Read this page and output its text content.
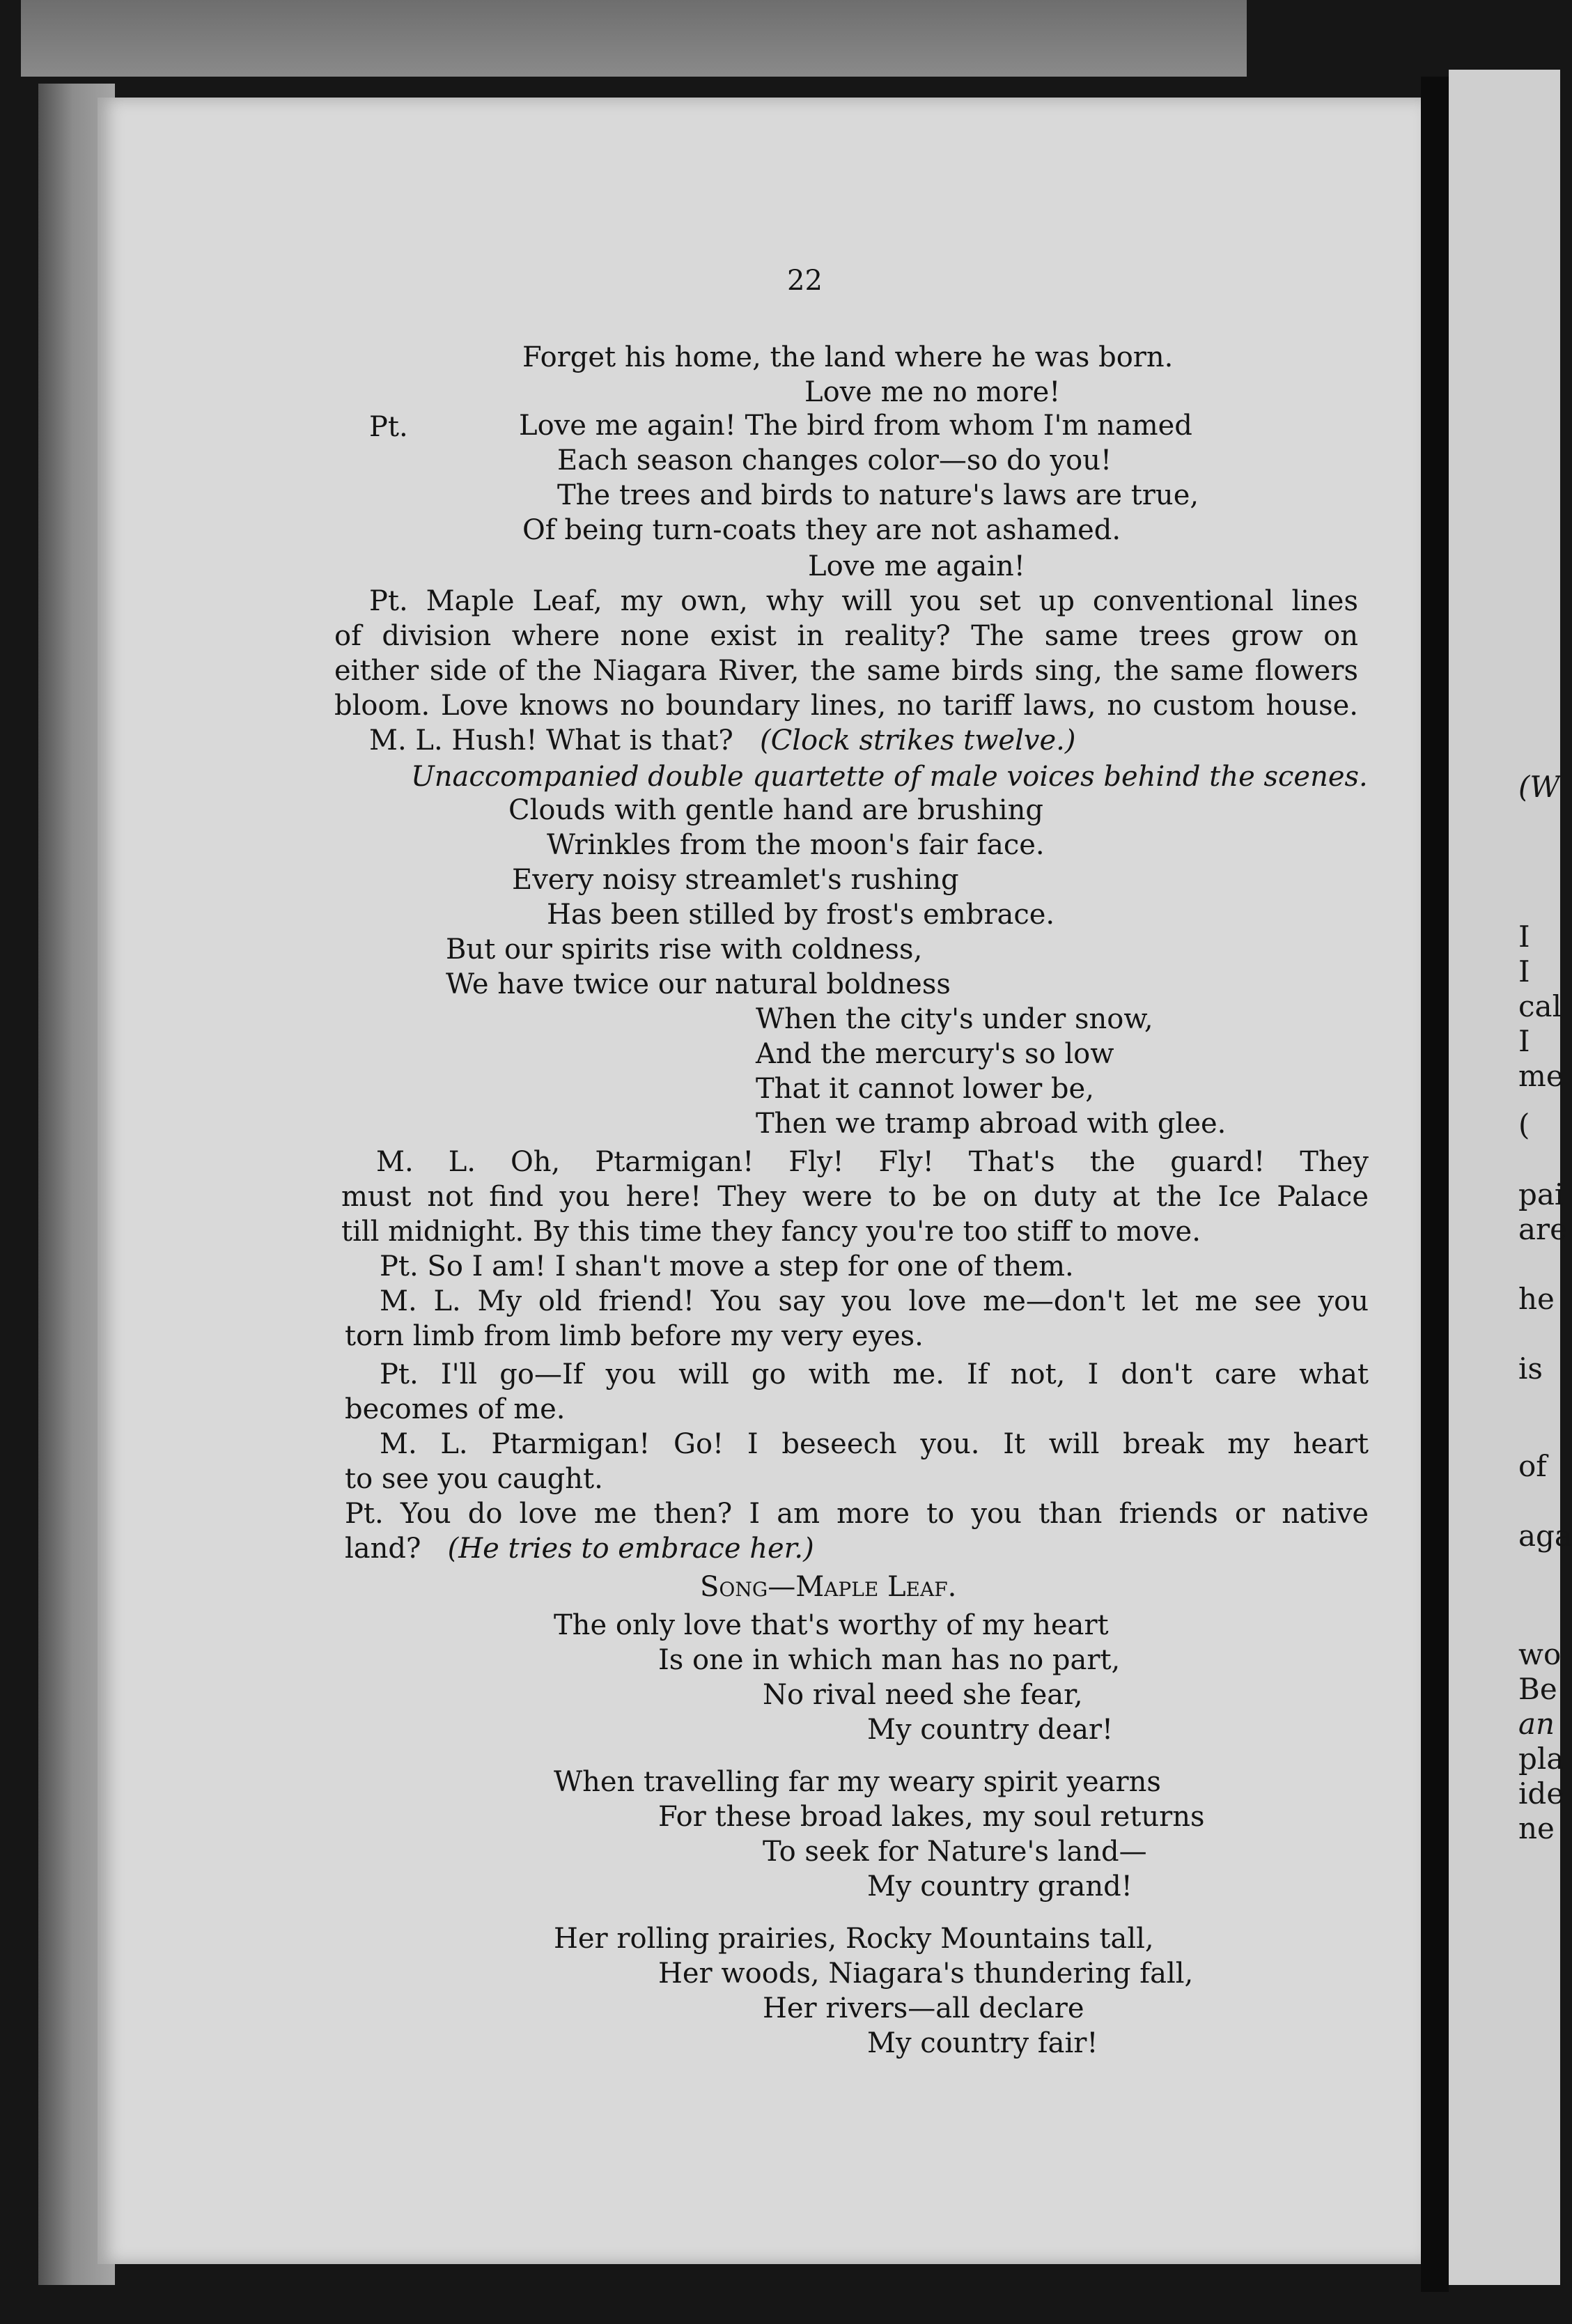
(W
I
I
cal
I
me
(
pai
are
he
is
of
aga
wo
Be
an
pla
ide
ne
22
Forget his home, the land where he was born.
Love me no more!
Pt.	Love me again! The bird from whom I'm named
Each season changes color—so do you!
The trees and birds to nature's laws are true,
Of being turn-coats they are not ashamed.
Love me again!
Pt. Maple Leaf, my own, why will you set up conventional lines
of division where none exist in reality? The same trees grow on
either side of the Niagara River, the same birds sing, the same flowers
bloom. Love knows no boundary lines, no tariff laws, no custom house.
M. L. Hush! What is that?   (Clock strikes twelve.)
Unaccompanied double quartette of male voices behind the scenes.
Clouds with gentle hand are brushing
Wrinkles from the moon's fair face.
Every noisy streamlet's rushing
Has been stilled by frost's embrace.
But our spirits rise with coldness,
We have twice our natural boldness
When the city's under snow,
And the mercury's so low
That it cannot lower be,
Then we tramp abroad with glee.
M. L. Oh, Ptarmigan! Fly! Fly! That's the guard! They
must not find you here! They were to be on duty at the Ice Palace
till midnight. By this time they fancy you're too stiff to move.
Pt. So I am! I shan't move a step for one of them.
M. L. My old friend! You say you love me—don't let me see you
torn limb from limb before my very eyes.
Pt. I'll go—If you will go with me. If not, I don't care what
becomes of me.
M. L. Ptarmigan! Go! I beseech you. It will break my heart
to see you caught.
Pt. You do love me then? I am more to you than friends or native
land?   (He tries to embrace her.)
Song—Maple Leaf.
The only love that's worthy of my heart
Is one in which man has no part,
No rival need she fear,
My country dear!
When travelling far my weary spirit yearns
For these broad lakes, my soul returns
To seek for Nature's land—
My country grand!
Her rolling prairies, Rocky Mountains tall,
Her woods, Niagara's thundering fall,
Her rivers—all declare
My country fair!
